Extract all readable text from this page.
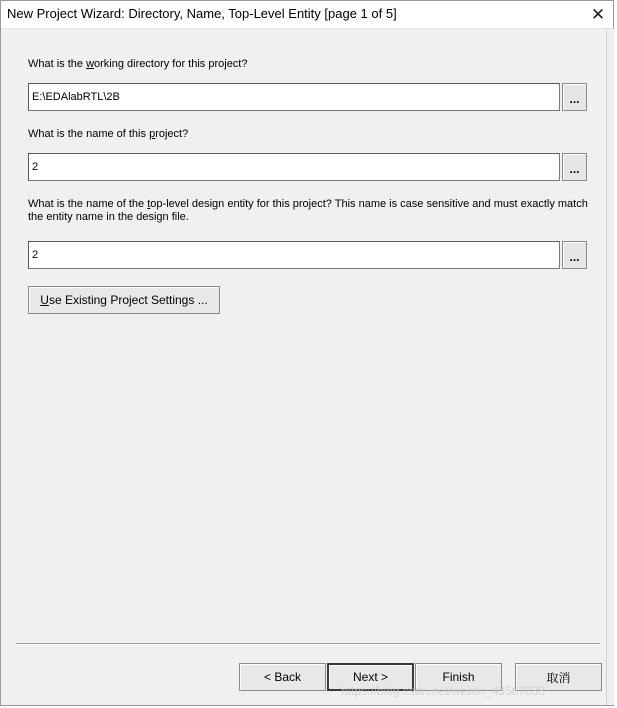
New Project Wizard: Directory, Name, Top-Level Entity [page 1 of 5]	✕
What is the working directory for this project?
E:\EDAlabRTL\2B
...
What is the name of this project?
2
...
What is the name of the top-level design entity for this project? This name is case sensitive and must exactly match the entity name in the design file.
2
...
U se Existing Project Settings ...
< Back	Next >	Finish	取消
https://blog.csdn.net/weixin_43567033
